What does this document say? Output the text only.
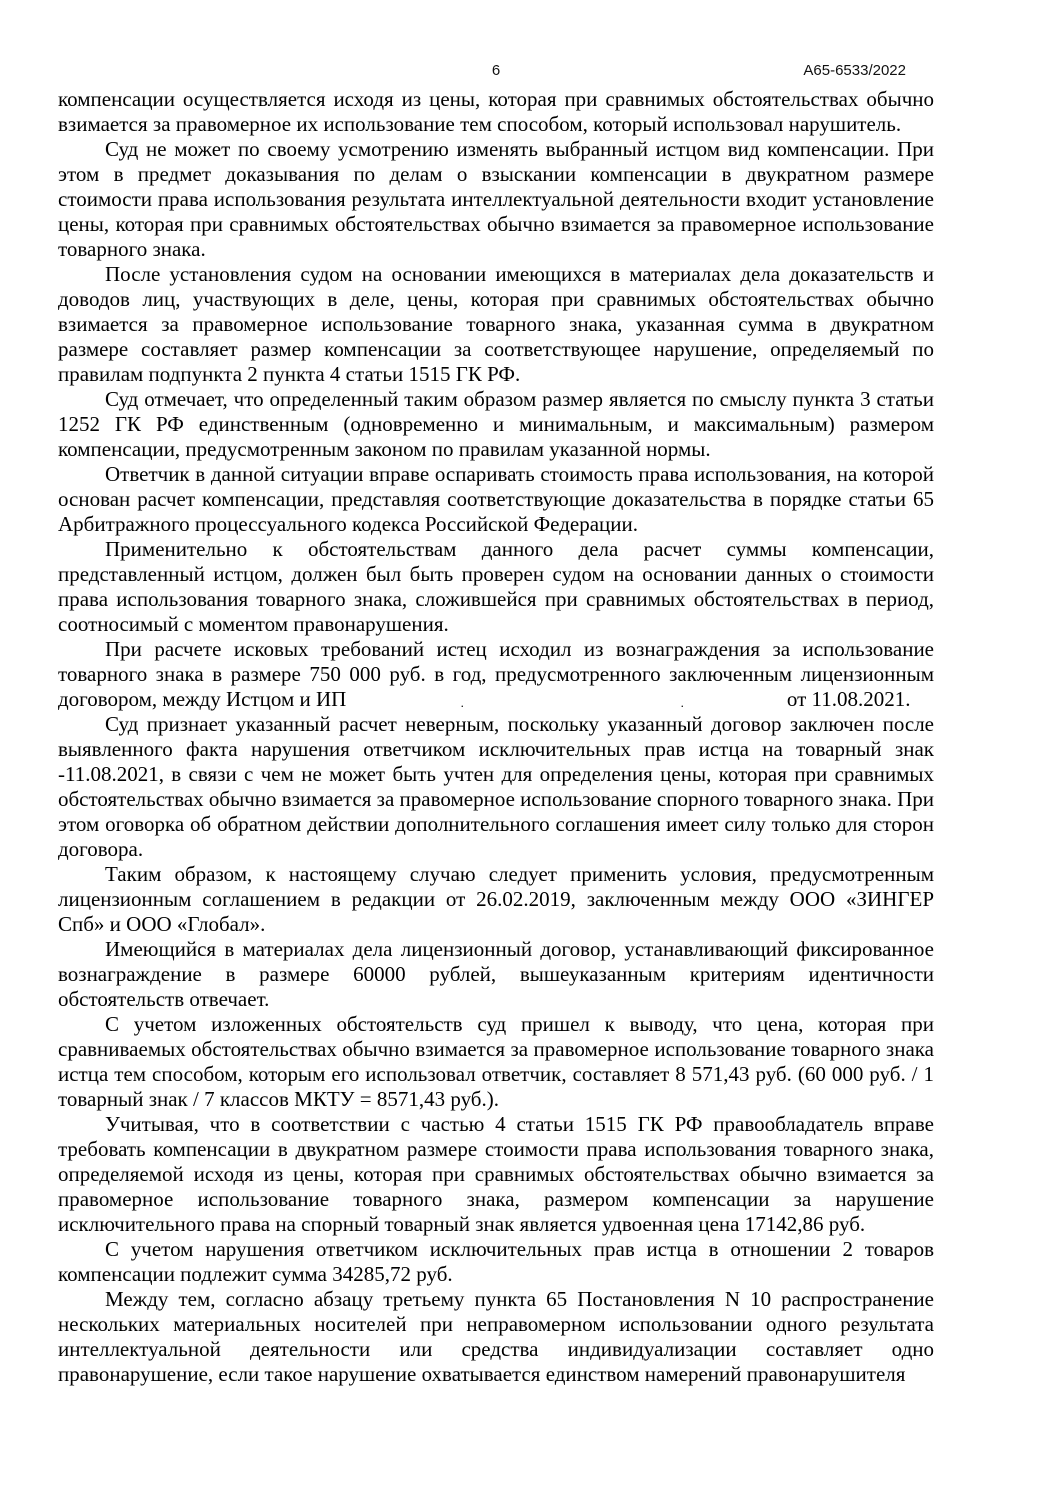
6	А65-6533/2022

компенсации осуществляется исходя из цены, которая при сравнимых обстоятельствах обычно взимается за правомерное их использование тем способом, который использовал нарушитель.

Суд не может по своему усмотрению изменять выбранный истцом вид компенсации. При этом в предмет доказывания по делам о взыскании компенсации в двукратном размере стоимости права использования результата интеллектуальной деятельности входит установление цены, которая при сравнимых обстоятельствах обычно взимается за правомерное использование товарного знака.

После установления судом на основании имеющихся в материалах дела доказательств и доводов лиц, участвующих в деле, цены, которая при сравнимых обстоятельствах обычно взимается за правомерное использование товарного знака, указанная сумма в двукратном размере составляет размер компенсации за соответствующее нарушение, определяемый по правилам подпункта 2 пункта 4 статьи 1515 ГК РФ.

Суд отмечает, что определенный таким образом размер является по смыслу пункта 3 статьи 1252 ГК РФ единственным (одновременно и минимальным, и максимальным) размером компенсации, предусмотренным законом по правилам указанной нормы.

Ответчик в данной ситуации вправе оспаривать стоимость права использования, на которой основан расчет компенсации, представляя соответствующие доказательства в порядке статьи 65 Арбитражного процессуального кодекса Российской Федерации.

Применительно к обстоятельствам данного дела расчет суммы компенсации, представленный истцом, должен был быть проверен судом на основании данных о стоимости права использования товарного знака, сложившейся при сравнимых обстоятельствах в период, соотносимый с моментом правонарушения.

При расчете исковых требований истец исходил из вознаграждения за использование товарного знака в размере 750 000 руб. в год, предусмотренного заключенным лицензионным договором, между Истцом и ИП	.	.	от 11.08.2021.

Суд признает указанный расчет неверным, поскольку указанный договор заключен после выявленного факта нарушения ответчиком исключительных прав истца на товарный знак -11.08.2021, в связи с чем не может быть учтен для определения цены, которая при сравнимых обстоятельствах обычно взимается за правомерное использование спорного товарного знака. При этом оговорка об обратном действии дополнительного соглашения имеет силу только для сторон договора.

Таким образом, к настоящему случаю следует применить условия, предусмотренным лицензионным соглашением в редакции от 26.02.2019, заключенным между ООО «ЗИНГЕР Спб» и ООО «Глобал».

Имеющийся в материалах дела лицензионный договор, устанавливающий фиксированное вознаграждение в размере 60000 рублей, вышеуказанным критериям идентичности обстоятельств отвечает.

С учетом изложенных обстоятельств суд пришел к выводу, что цена, которая при сравниваемых обстоятельствах обычно взимается за правомерное использование товарного знака истца тем способом, которым его использовал ответчик, составляет 8 571,43 руб. (60 000 руб. / 1 товарный знак / 7 классов МКТУ = 8571,43 руб.).

Учитывая, что в соответствии с частью 4 статьи 1515 ГК РФ правообладатель вправе требовать компенсации в двукратном размере стоимости права использования товарного знака, определяемой исходя из цены, которая при сравнимых обстоятельствах обычно взимается за правомерное использование товарного знака, размером компенсации за нарушение исключительного права на спорный товарный знак является удвоенная цена 17142,86 руб.

С учетом нарушения ответчиком исключительных прав истца в отношении 2 товаров компенсации подлежит сумма 34285,72 руб.

Между тем, согласно абзацу третьему пункта 65 Постановления N 10 распространение нескольких материальных носителей при неправомерном использовании одного результата интеллектуальной деятельности или средства индивидуализации составляет одно правонарушение, если такое нарушение охватывается единством намерений правонарушителя
